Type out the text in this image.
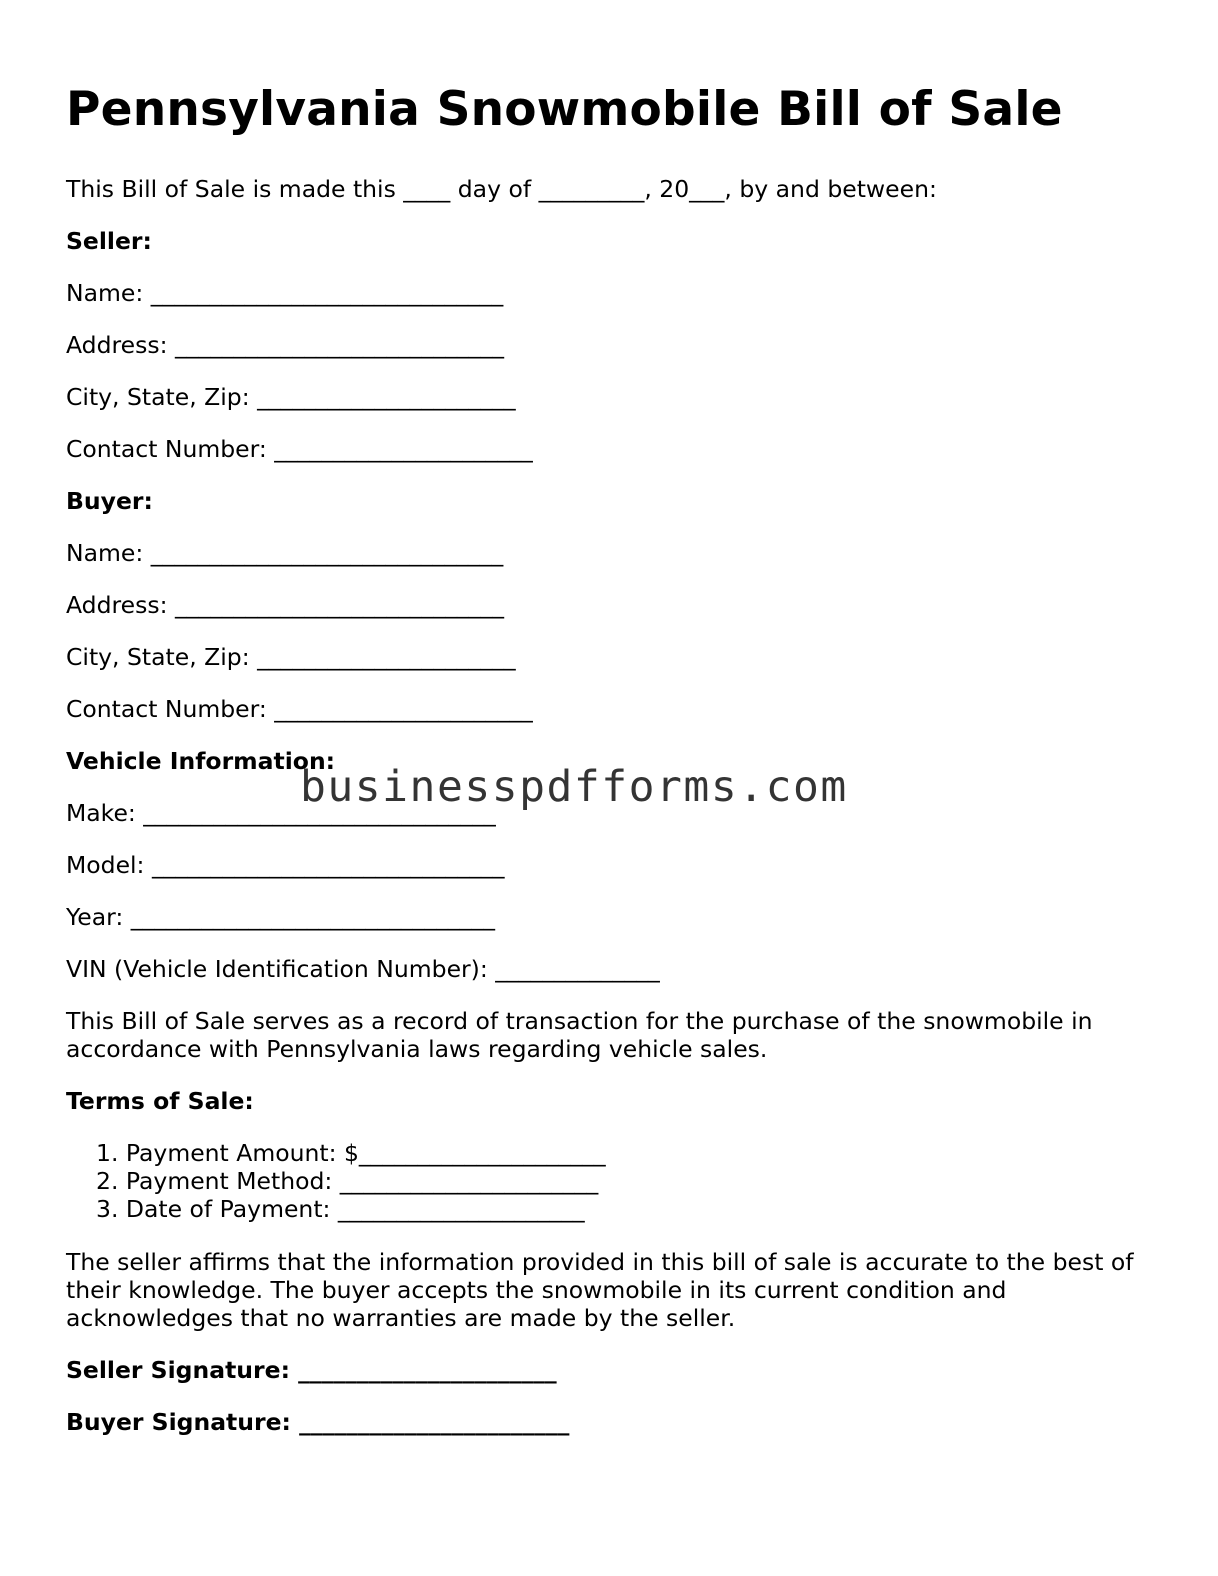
Pennsylvania Snowmobile Bill of Sale

This Bill of Sale is made this ____ day of _________, 20___, by and between:

Seller:

Name: ______________________________

Address: ____________________________

City, State, Zip: ______________________

Contact Number: ______________________

Buyer:

Name: ______________________________

Address: ____________________________

City, State, Zip: ______________________

Contact Number: ______________________

Vehicle Information:

Make: ______________________________

Model: ______________________________

Year: _______________________________

VIN (Vehicle Identification Number): ______________

This Bill of Sale serves as a record of transaction for the purchase of the snowmobile in accordance with Pennsylvania laws regarding vehicle sales.

Terms of Sale:

1. Payment Amount: $_____________________
2. Payment Method: ______________________
3. Date of Payment: _____________________

The seller affirms that the information provided in this bill of sale is accurate to the best of their knowledge. The buyer accepts the snowmobile in its current condition and acknowledges that no warranties are made by the seller.

Seller Signature: ______________________

Buyer Signature: _______________________

businesspdfforms.com
